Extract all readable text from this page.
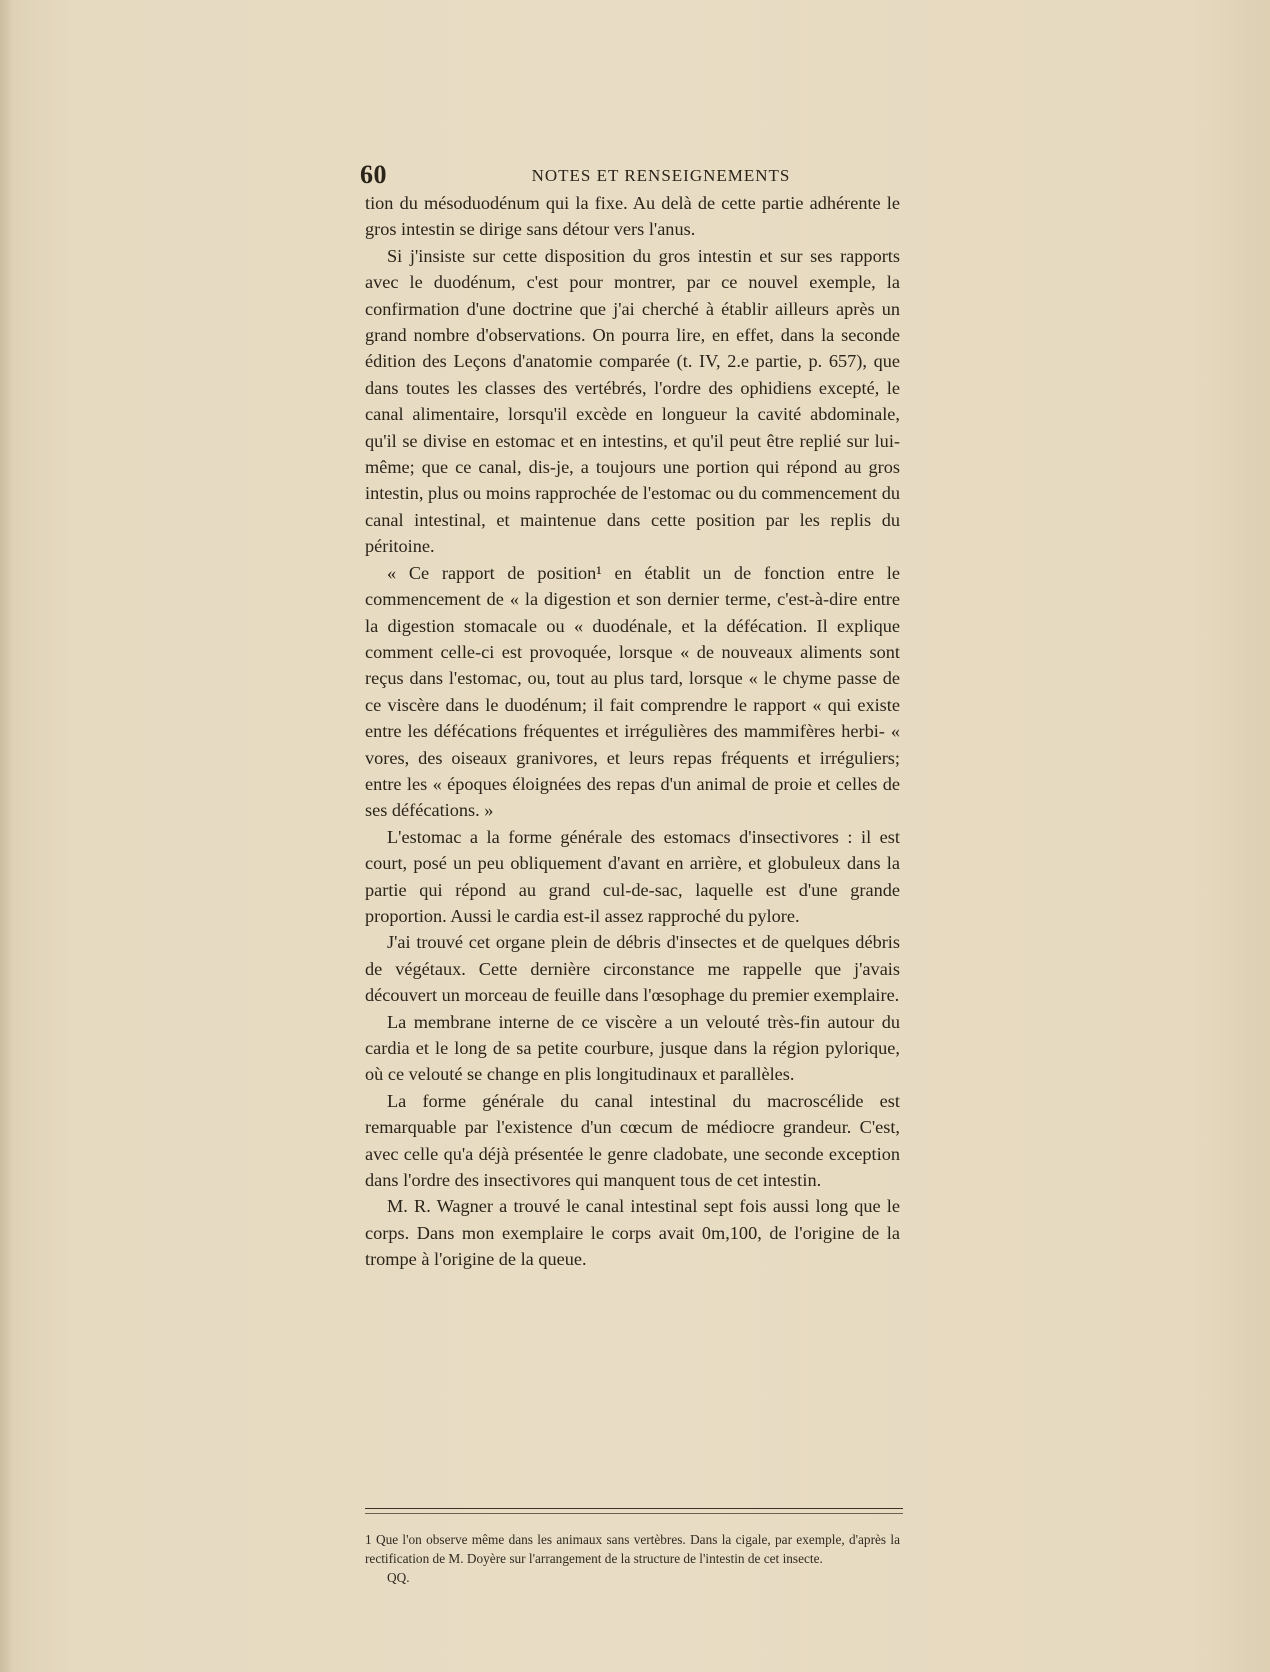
60	NOTES ET RENSEIGNEMENTS

tion du mésoduodénum qui la fixe. Au delà de cette partie adhérente le gros intestin se dirige sans détour vers l'anus.

Si j'insiste sur cette disposition du gros intestin et sur ses rapports avec le duodénum, c'est pour montrer, par ce nouvel exemple, la confirmation d'une doctrine que j'ai cherché à établir ailleurs après un grand nombre d'observations. On pourra lire, en effet, dans la seconde édition des Leçons d'anatomie comparée (t. IV, 2.e partie, p. 657), que dans toutes les classes des vertébrés, l'ordre des ophidiens excepté, le canal alimentaire, lorsqu'il excède en longueur la cavité abdominale, qu'il se divise en estomac et en intestins, et qu'il peut être replié sur lui-même; que ce canal, dis-je, a toujours une portion qui répond au gros intestin, plus ou moins rapprochée de l'estomac ou du commencement du canal intestinal, et maintenue dans cette position par les replis du péritoine.

« Ce rapport de position¹ en établit un de fonction entre le commencement de « la digestion et son dernier terme, c'est-à-dire entre la digestion stomacale ou « duodénale, et la défécation. Il explique comment celle-ci est provoquée, lorsque « de nouveaux aliments sont reçus dans l'estomac, ou, tout au plus tard, lorsque « le chyme passe de ce viscère dans le duodénum; il fait comprendre le rapport « qui existe entre les défécations fréquentes et irrégulières des mammifères herbi- « vores, des oiseaux granivores, et leurs repas fréquents et irréguliers; entre les « époques éloignées des repas d'un animal de proie et celles de ses défécations. »

L'estomac a la forme générale des estomacs d'insectivores : il est court, posé un peu obliquement d'avant en arrière, et globuleux dans la partie qui répond au grand cul-de-sac, laquelle est d'une grande proportion. Aussi le cardia est-il assez rapproché du pylore.

J'ai trouvé cet organe plein de débris d'insectes et de quelques débris de végétaux. Cette dernière circonstance me rappelle que j'avais découvert un morceau de feuille dans l'œsophage du premier exemplaire.

La membrane interne de ce viscère a un velouté très-fin autour du cardia et le long de sa petite courbure, jusque dans la région pylorique, où ce velouté se change en plis longitudinaux et parallèles.

La forme générale du canal intestinal du macroscélide est remarquable par l'existence d'un cœcum de médiocre grandeur. C'est, avec celle qu'a déjà présentée le genre cladobate, une seconde exception dans l'ordre des insectivores qui manquent tous de cet intestin.

M. R. Wagner a trouvé le canal intestinal sept fois aussi long que le corps. Dans mon exemplaire le corps avait 0m,100, de l'origine de la trompe à l'origine de la queue.

1 Que l'on observe même dans les animaux sans vertèbres. Dans la cigale, par exemple, d'après la rectification de M. Doyère sur l'arrangement de la structure de l'intestin de cet insecte.
QQ.
